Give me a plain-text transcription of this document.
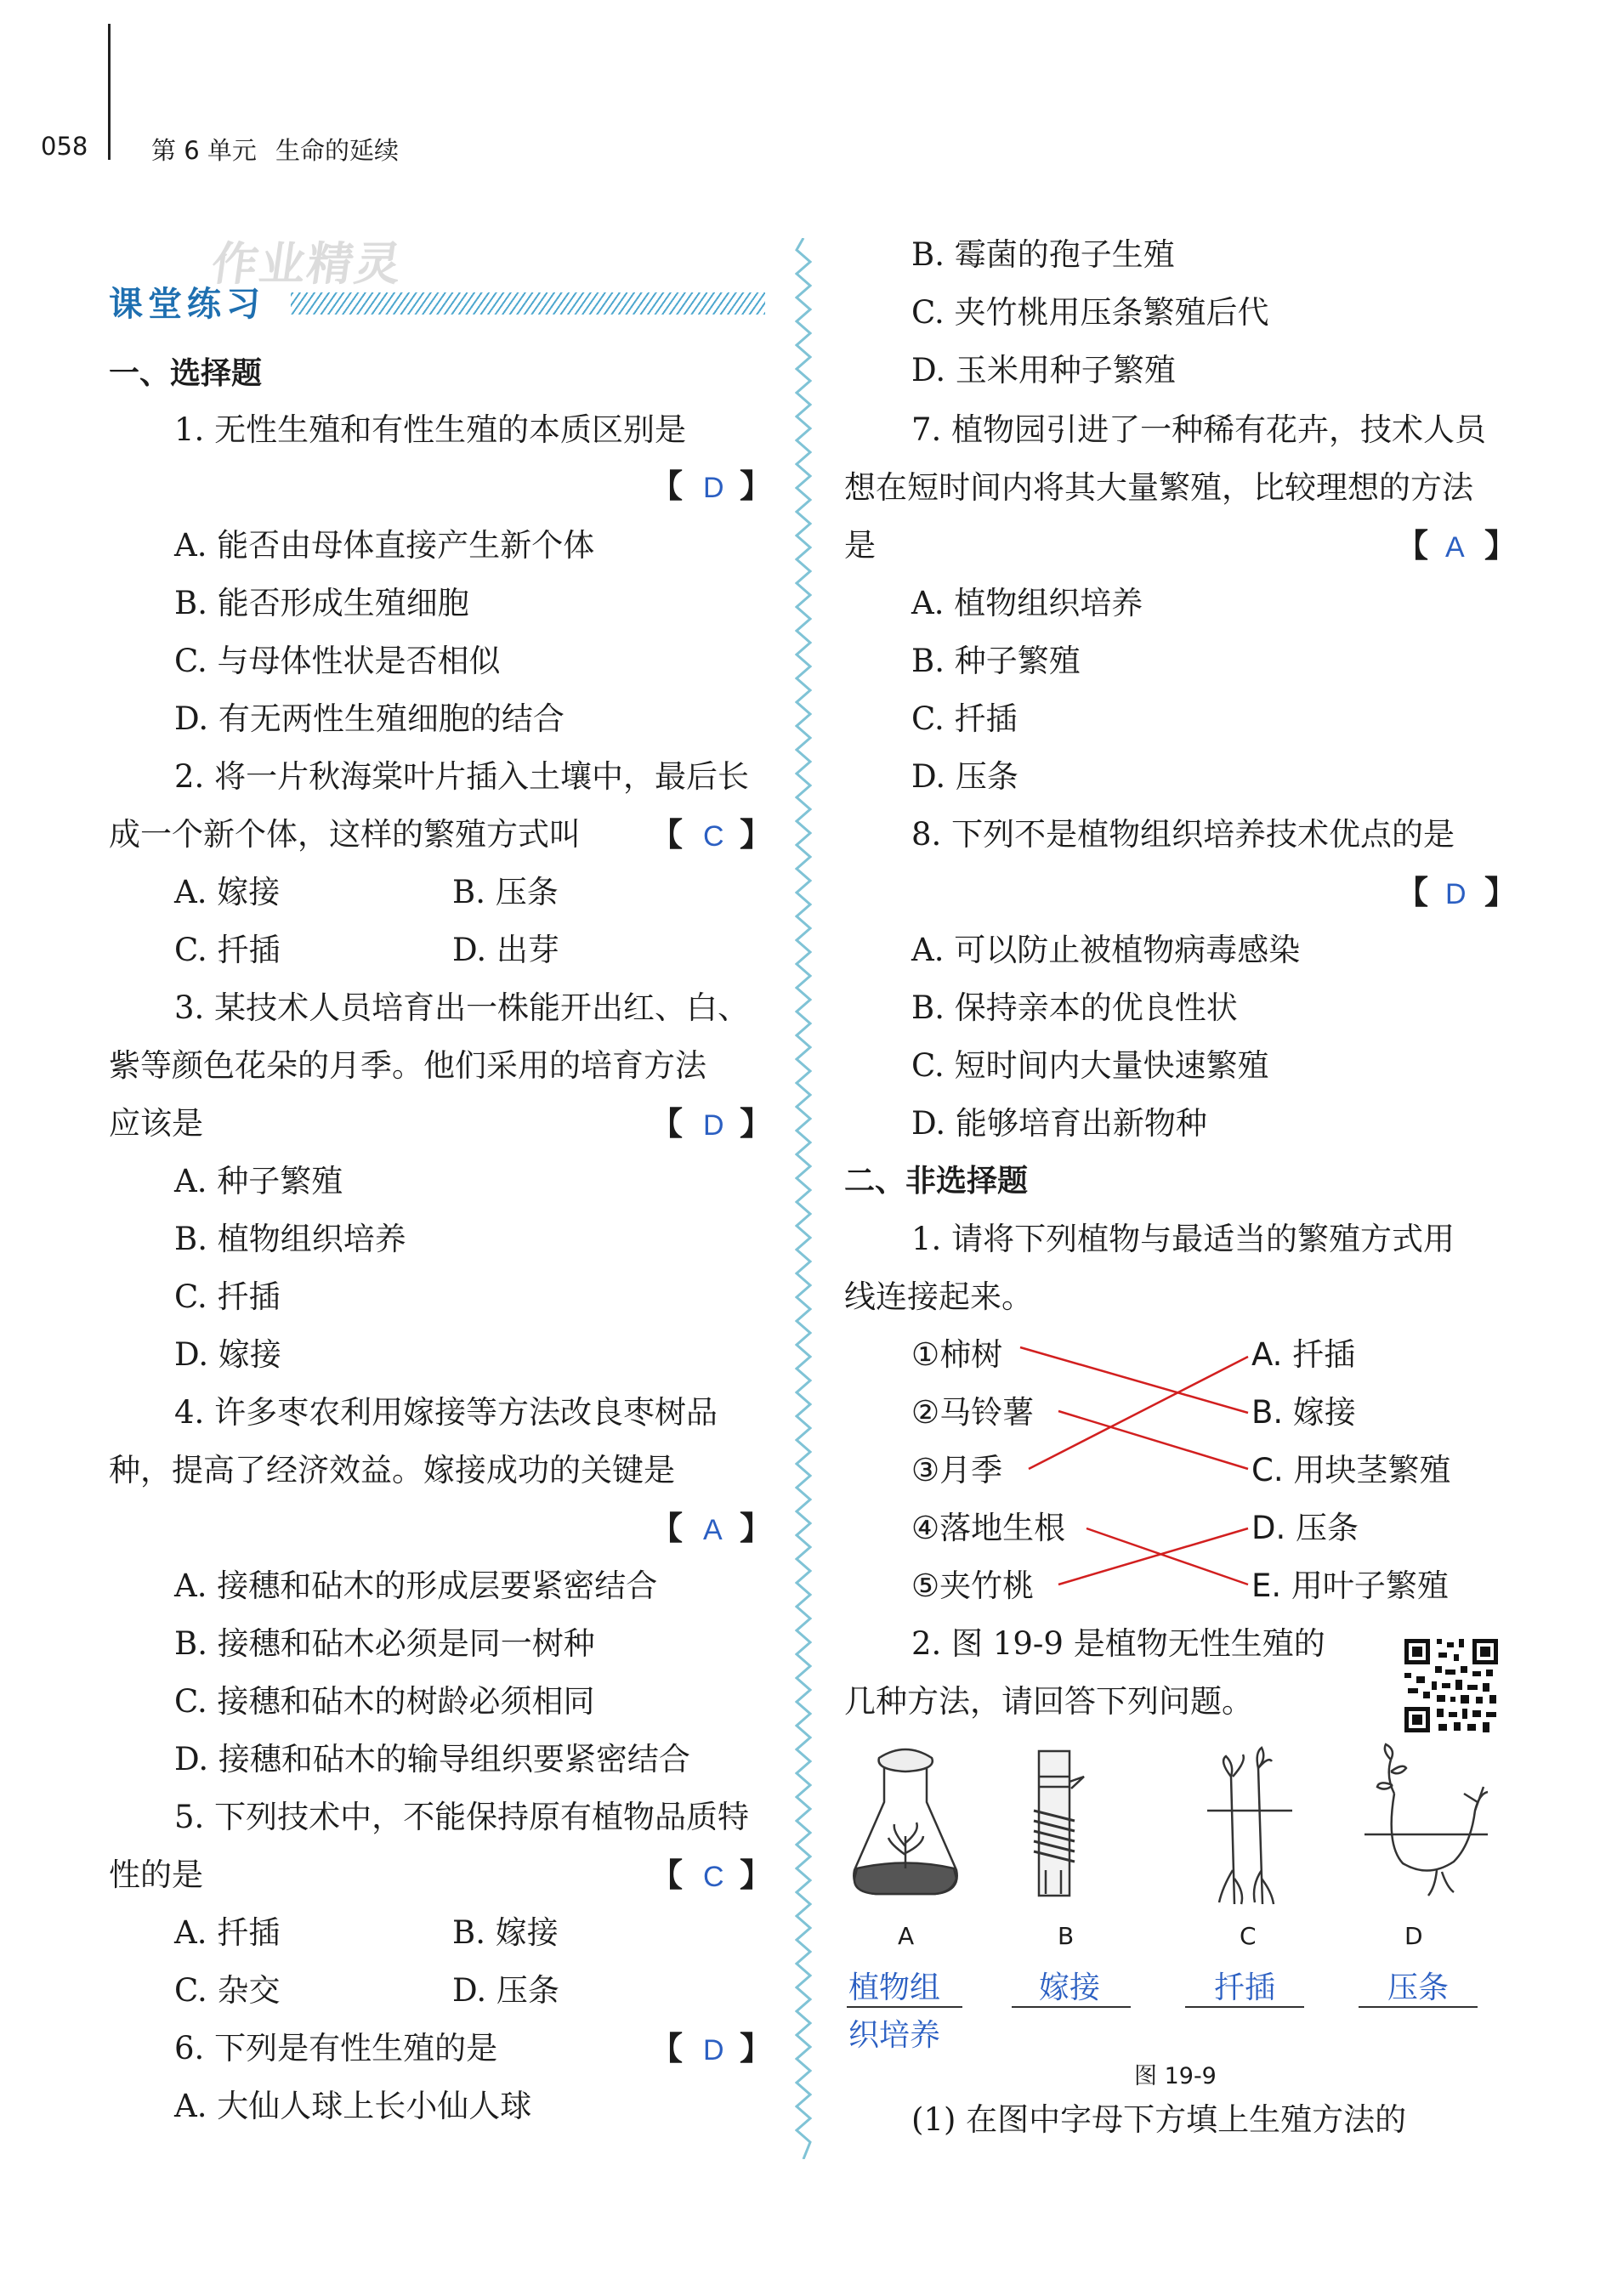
058	第 6 单元 生命的延续
作业精灵
课堂练习
一、选择题
1. 无性生殖和有性生殖的本质区别是
【 D 】
A. 能否由母体直接产生新个体
B. 能否形成生殖细胞
C. 与母体性状是否相似
D. 有无两性生殖细胞的结合
2. 将一片秋海棠叶片插入土壤中，最后长
成一个新个体，这样的繁殖方式叫 【 C 】
A. 嫁接	B. 压条
C. 扦插	D. 出芽
3. 某技术人员培育出一株能开出红、白、
紫等颜色花朵的月季。他们采用的培育方法
应该是	【 D 】
A. 种子繁殖
B. 植物组织培养
C. 扦插
D. 嫁接
4. 许多枣农利用嫁接等方法改良枣树品
种，提高了经济效益。嫁接成功的关键是
【 A 】
A. 接穗和砧木的形成层要紧密结合
B. 接穗和砧木必须是同一树种
C. 接穗和砧木的树龄必须相同
D. 接穗和砧木的输导组织要紧密结合
5. 下列技术中，不能保持原有植物品质特
性的是	【 C 】
A. 扦插	B. 嫁接
C. 杂交	D. 压条
6. 下列是有性生殖的是	【 D 】
A. 大仙人球上长小仙人球
B. 霉菌的孢子生殖
C. 夹竹桃用压条繁殖后代
D. 玉米用种子繁殖
7. 植物园引进了一种稀有花卉，技术人员
想在短时间内将其大量繁殖，比较理想的方法
是	【 A 】
A. 植物组织培养
B. 种子繁殖
C. 扦插
D. 压条
8. 下列不是植物组织培养技术优点的是
【 D 】
A. 可以防止被植物病毒感染
B. 保持亲本的优良性状
C. 短时间内大量快速繁殖
D. 能够培育出新物种
二、非选择题
1. 请将下列植物与最适当的繁殖方式用
线连接起来。
①柿树
②马铃薯
③月季
④落地生根
⑤夹竹桃
A. 扦插
B. 嫁接
C. 用块茎繁殖
D. 压条
E. 用叶子繁殖
2. 图 19-9 是植物无性生殖的
几种方法，请回答下列问题。
A	B	C	D
植物组
织培养
嫁接	扦插	压条
图 19-9
(1) 在图中字母下方填上生殖方法的
